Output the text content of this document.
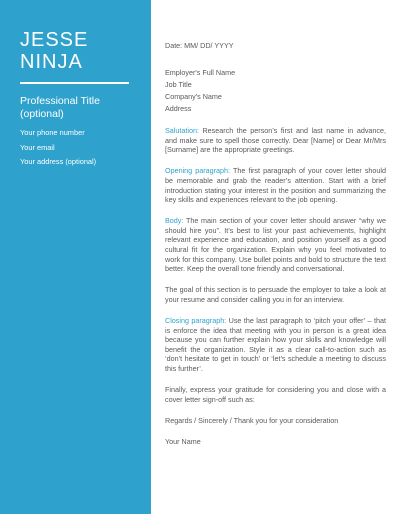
JESSE
NINJA
Professional Title (optional)
Your phone number
Your email
Your address (optional)

Date: MM/ DD/ YYYY

Employer's Full Name
Job Title
Company's Name
Address

Salutation: Research the person’s first and last name in advance, and make sure to spell those correctly. Dear [Name] or Dear Mr/Mrs [Surname] are the appropriate greetings.

Opening paragraph: The first paragraph of your cover letter should be memorable and grab the reader’s attention. Start with a brief introduction stating your interest in the position and summarizing the key skills and experiences relevant to the job opening.

Body: The main section of your cover letter should answer “why we should hire you”. It’s best to list your past achievements, highlight relevant experience and education, and position yourself as a good cultural fit for the organization. Explain why you feel motivated to work for this company. Use bullet points and bold to structure the text better. Keep the overall tone friendly and conversational.

The goal of this section is to persuade the employer to take a look at your resume and consider calling you in for an interview.

Closing paragraph: Use the last paragraph to ‘pitch your offer’ – that is enforce the idea that meeting with you in person is a great idea because you can further explain how your skills and knowledge will benefit the organization. Style it as a clear call-to-action such as ‘don’t hesitate to get in touch’ or ‘let’s schedule a meeting to discuss this further’.

Finally, express your gratitude for considering you and close with a cover letter sign-off such as:

Regards / Sincerely / Thank you for your consideration

Your Name
